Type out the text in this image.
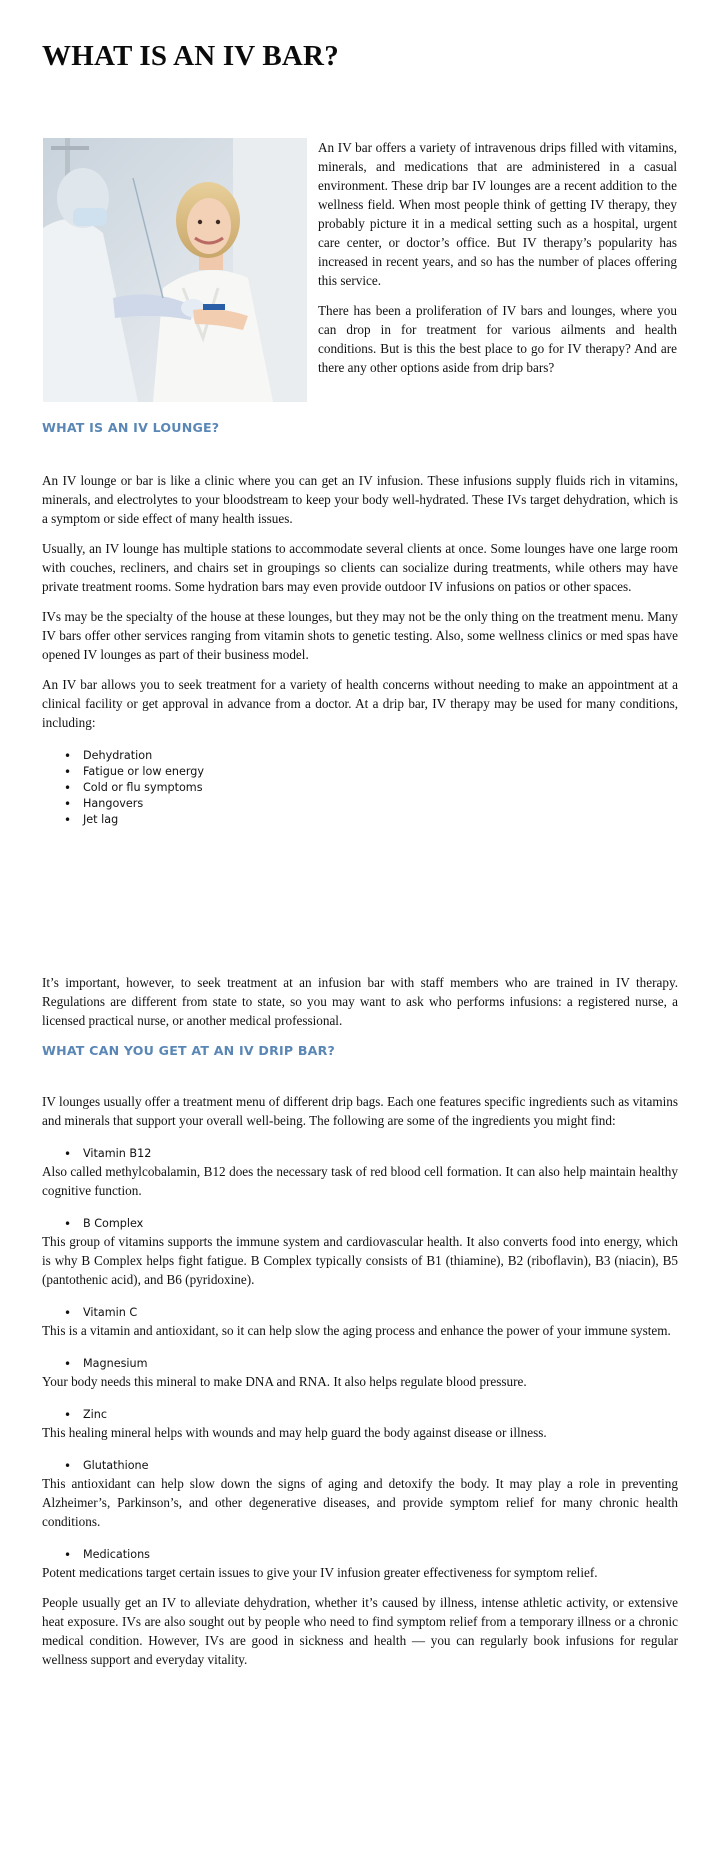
WHAT IS AN IV BAR?

An IV bar offers a variety of intravenous drips filled with vitamins, minerals, and medications that are administered in a casual environment. These drip bar IV lounges are a recent addition to the wellness field. When most people think of getting IV therapy, they probably picture it in a medical setting such as a hospital, urgent care center, or doctor’s office. But IV therapy’s popularity has increased in recent years, and so has the number of places offering this service.

There has been a proliferation of IV bars and lounges, where you can drop in for treatment for various ailments and health conditions. But is this the best place to go for IV therapy? And are there any other options aside from drip bars?

WHAT IS AN IV LOUNGE?

An IV lounge or bar is like a clinic where you can get an IV infusion. These infusions supply fluids rich in vitamins, minerals, and electrolytes to your bloodstream to keep your body well-hydrated. These IVs target dehydration, which is a symptom or side effect of many health issues.

Usually, an IV lounge has multiple stations to accommodate several clients at once. Some lounges have one large room with couches, recliners, and chairs set in groupings so clients can socialize during treatments, while others may have private treatment rooms. Some hydration bars may even provide outdoor IV infusions on patios or other spaces.

IVs may be the specialty of the house at these lounges, but they may not be the only thing on the treatment menu. Many IV bars offer other services ranging from vitamin shots to genetic testing. Also, some wellness clinics or med spas have opened IV lounges as part of their business model.

An IV bar allows you to seek treatment for a variety of health concerns without needing to make an appointment at a clinical facility or get approval in advance from a doctor. At a drip bar, IV therapy may be used for many conditions, including:

• Dehydration
• Fatigue or low energy
• Cold or flu symptoms
• Hangovers
• Jet lag

It’s important, however, to seek treatment at an infusion bar with staff members who are trained in IV therapy. Regulations are different from state to state, so you may want to ask who performs infusions: a registered nurse, a licensed practical nurse, or another medical professional.

WHAT CAN YOU GET AT AN IV DRIP BAR?

IV lounges usually offer a treatment menu of different drip bags. Each one features specific ingredients such as vitamins and minerals that support your overall well-being. The following are some of the ingredients you might find:

• Vitamin B12

Also called methylcobalamin, B12 does the necessary task of red blood cell formation. It can also help maintain healthy cognitive function.

• B Complex

This group of vitamins supports the immune system and cardiovascular health. It also converts food into energy, which is why B Complex helps fight fatigue. B Complex typically consists of B1 (thiamine), B2 (riboflavin), B3 (niacin), B5 (pantothenic acid), and B6 (pyridoxine).

• Vitamin C

This is a vitamin and antioxidant, so it can help slow the aging process and enhance the power of your immune system.

• Magnesium

Your body needs this mineral to make DNA and RNA. It also helps regulate blood pressure.

• Zinc

This healing mineral helps with wounds and may help guard the body against disease or illness.

• Glutathione

This antioxidant can help slow down the signs of aging and detoxify the body. It may play a role in preventing Alzheimer’s, Parkinson’s, and other degenerative diseases, and provide symptom relief for many chronic health conditions.

• Medications

Potent medications target certain issues to give your IV infusion greater effectiveness for symptom relief.

People usually get an IV to alleviate dehydration, whether it’s caused by illness, intense athletic activity, or extensive heat exposure. IVs are also sought out by people who need to find symptom relief from a temporary illness or a chronic medical condition. However, IVs are good in sickness and health — you can regularly book infusions for regular wellness support and everyday vitality.
